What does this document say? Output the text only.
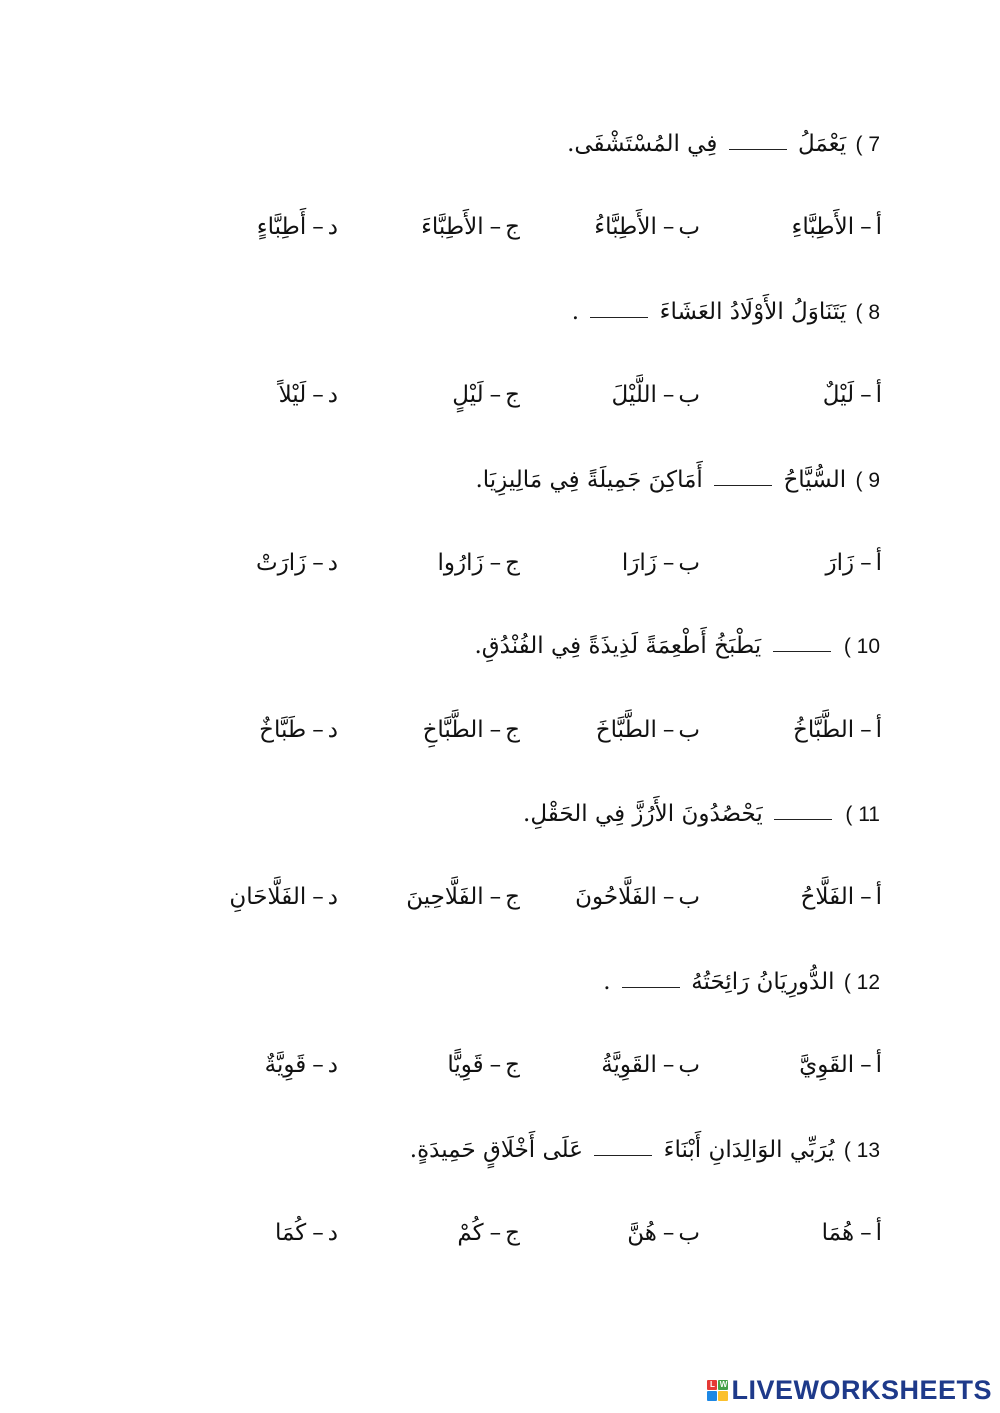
7 ) يَعْمَلُ  فِي المُسْتَشْفَى.
أ–الأَطِبَّاءِ
ب–الأَطِبَّاءُ
ج–الأَطِبَّاءَ
د–أَطِبَّاءٍ
8 ) يَتَنَاوَلُ الأَوْلَادُ العَشَاءَ  .
أ–لَيْلٌ
ب–اللَّيْلَ
ج–لَيْلٍ
د–لَيْلاً
9 ) السُّيَّاحُ  أَمَاكِنَ جَمِيلَةً فِي مَالِيزِيَا.
أ–زَارَ
ب–زَارَا
ج–زَارُوا
د–زَارَتْ
10 )  يَطْبَخُ أَطْعِمَةً لَذِيذَةً فِي الفُنْدُقِ.
أ–الطَّبَّاخُ
ب–الطَّبَّاخَ
ج–الطَّبَّاخِ
د–طَبَّاخٌ
11 )  يَحْصُدُونَ الأَرُزَّ فِي الحَقْلِ.
أ–الفَلَّاحُ
ب–الفَلَّاحُونَ
ج–الفَلَّاحِينَ
د–الفَلَّاحَانِ
12 ) الدُّورِيَانُ رَائِحَتُهُ  .
أ–القَوِيَّ
ب–القَوِيَّةُ
ج–قَوِيًّا
د–قَوِيَّةٌ
13 ) يُرَبِّي الوَالِدَانِ أَبْنَاءَ  عَلَى أَخْلَاقٍ حَمِيدَةٍ.
أ–هُمَا
ب–هُنَّ
ج–كُمْ
د–كُمَا
L W LIVEWORKSHEETS
